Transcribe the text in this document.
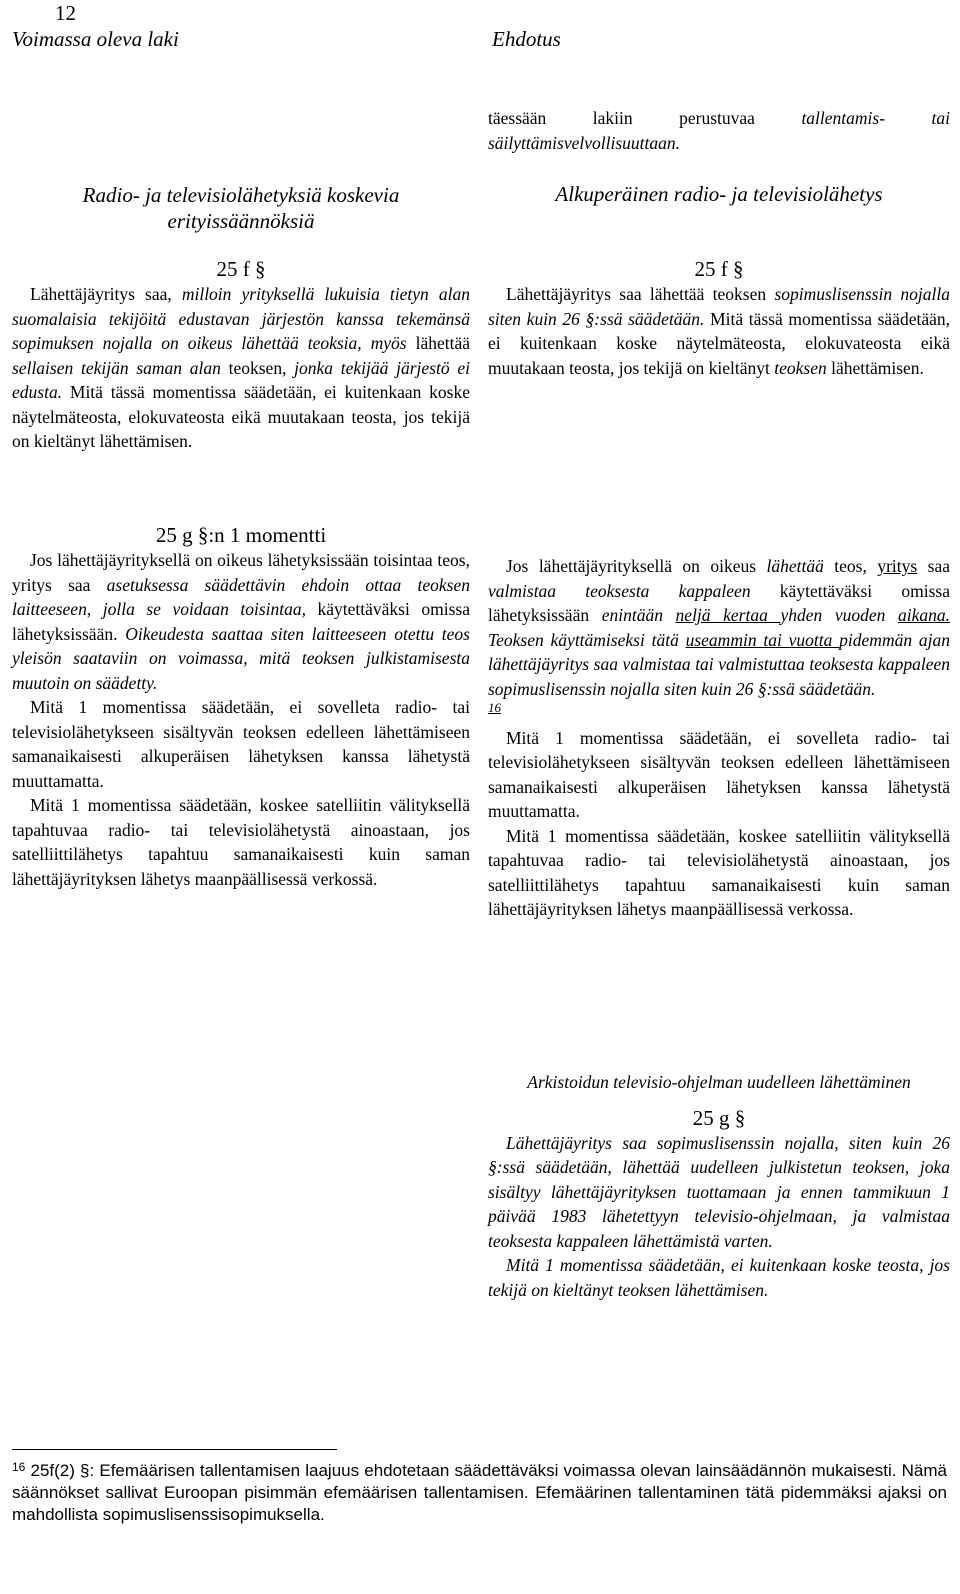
12
Voimassa oleva laki	Ehdotus
Radio- ja televisiolähetyksiä koskevia
erityissäännöksiä
25 f §

Lähettäjäyritys saa, milloin yrityksellä lukuisia tietyn alan suomalaisia tekijöitä edustavan järjestön kanssa tekemänsä sopimuksen nojalla on oikeus lähettää teoksia, myös lähettää sellaisen tekijän saman alan teoksen, jonka tekijää järjestö ei edusta. Mitä tässä momentissa säädetään, ei kuitenkaan koske näytelmäteosta, elokuvateosta eikä muutakaan teosta, jos tekijä on kieltänyt lähettämisen.

25 g §:n 1 momentti

Jos lähettäjäyrityksellä on oikeus lähetyksissään toisintaa teos, yritys saa asetuksessa säädettävin ehdoin ottaa teoksen laitteeseen, jolla se voidaan toisintaa, käytettäväksi omissa lähetyksissään. Oikeudesta saattaa siten laitteeseen otettu teos yleisön saataviin on voimassa, mitä teoksen julkistamisesta muutoin on säädetty.

Mitä 1 momentissa säädetään, ei sovelleta radio- tai televisiolähetykseen sisältyvän teoksen edelleen lähettämiseen samanaikaisesti alkuperäisen lähetyksen kanssa lähetystä muuttamatta.

Mitä 1 momentissa säädetään, koskee satelliitin välityksellä tapahtuvaa radio- tai televisiolähetystä ainoastaan, jos satelliittilähetys tapahtuu samanaikaisesti kuin saman lähettäjäyrityksen lähetys maanpäällisessä verkossä.

täessään lakiin perustuvaa tallentamis- tai säilyttämisvelvollisuuttaan.

Alkuperäinen radio- ja televisiolähetys
25 f §

Lähettäjäyritys saa lähettää teoksen sopimuslisenssin nojalla siten kuin 26 §:ssä säädetään. Mitä tässä momentissa säädetään, ei kuitenkaan koske näytelmäteosta, elokuvateosta eikä muutakaan teosta, jos tekijä on kieltänyt teoksen lähettämisen.

Jos lähettäjäyrityksellä on oikeus lähettää teos, yritys saa valmistaa teoksesta kappaleen käytettäväksi omissa lähetyksissään enintään neljä kertaa yhden vuoden aikana. Teoksen käyttämiseksi tätä useammin tai vuotta pidemmän ajan lähettäjäyritys saa valmistaa tai valmistuttaa teoksesta kappaleen sopimuslisenssin nojalla siten kuin 26 §:ssä säädetään.
$^{16}$

Mitä 1 momentissa säädetään, ei sovelleta radio- tai televisiolähetykseen sisältyvän teoksen edelleen lähettämiseen samanaikaisesti alkuperäisen lähetyksen kanssa lähetystä muuttamatta.

Mitä 1 momentissa säädetään, koskee satelliitin välityksellä tapahtuvaa radio- tai televisiolähetystä ainoastaan, jos satelliittilähetys tapahtuu samanaikaisesti kuin saman lähettäjäyrityksen lähetys maanpäällisessä verkossa.

Arkistoidun televisio-ohjelman uudelleen lähettäminen
25 g §

Lähettäjäyritys saa sopimuslisenssin nojalla, siten kuin 26 §:ssä säädetään, lähettää uudelleen julkistetun teoksen, joka sisältyy lähettäjäyrityksen tuottamaan ja ennen tammikuun 1 päivää 1983 lähetettyyn televisio-ohjelmaan, ja valmistaa teoksesta kappaleen lähettämistä varten.

Mitä 1 momentissa säädetään, ei kuitenkaan koske teosta, jos tekijä on kieltänyt teoksen lähettämisen.

$^{16}$ 25f(2) §: Efemäärisen tallentamisen laajuus ehdotetaan säädettäväksi voimassa olevan lainsäädännön mukaisesti. Nämä säännökset sallivat Euroopan pisimmän efemäärisen tallentamisen. Efemäärinen tallentaminen tätä pidemmäksi ajaksi on mahdollista sopimuslisenssisopimuksella.
